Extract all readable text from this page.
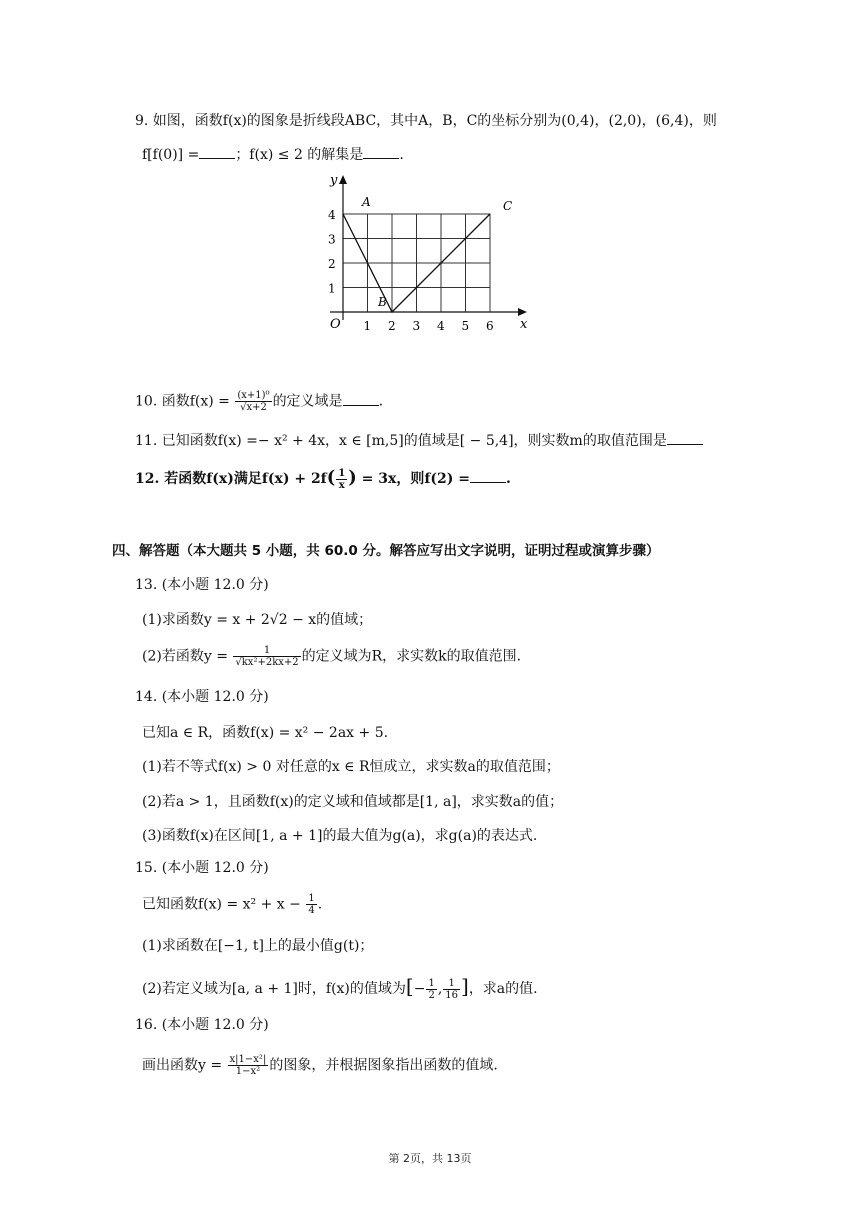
9. 如图，函数f(x)的图象是折线段ABC，其中A，B，C的坐标分别为(0,4)，(2,0)，(6,4)，则
f[f(0)] =	；f(x) ≤ 2 的解集是	.
y
x
O 1 2 3 4 5 6
1
2
3
4
A
B
C
10. 函数$f(x) = \frac{\text{(x+1)⁰}}{√x+2}$ 的定义域是	.
11. 已知函数f(x) =− x² + 4x，x ∈ [m,5]的值域是[ − 5,4]，则实数m的取值范围是
12. 若函数f(x)满足$f(x) + 2f( \frac{1}{x}$ ) = 3x，则f(2) =	.
四、解答题（本大题共 5 小题，共 60.0 分。解答应写出文字说明，证明过程或演算步骤）
13. (本小题 12.0 分)
(1)求函数y = x + 2√2 − x的值域；
(2)若函数$y = \frac{1}{\text{√kx²+2kx+2}}$ 的定义域为R，求实数k的取值范围.
14. (本小题 12.0 分)
已知a ∈ R，函数f(x) = x² − 2ax + 5.
(1)若不等式f(x) > 0 对任意的x ∈ R恒成立，求实数a的取值范围；
(2)若a > 1，且函数f(x)的定义域和值域都是[1, a]，求实数a的值；
(3)函数f(x)在区间[1, a + 1]的最大值为g(a)，求g(a)的表达式.
15. (本小题 12.0 分)
已知函数$f(x) = x^2 + x - \frac{1}{4}$ .
(1)求函数在[−1, t]上的最小值g(t)；
(2)若定义域为[a, a + 1]时，f(x)的值域为[− $\frac{1}{2}$ , $\frac{1}{16}$ ]，求a的值.
16. (本小题 12.0 分)
画出函数$y = \frac{\text{x|1−x²|}}{\text{1−x²}}$ 的图象，并根据图象指出函数的值域.
第 2页，共 13页
